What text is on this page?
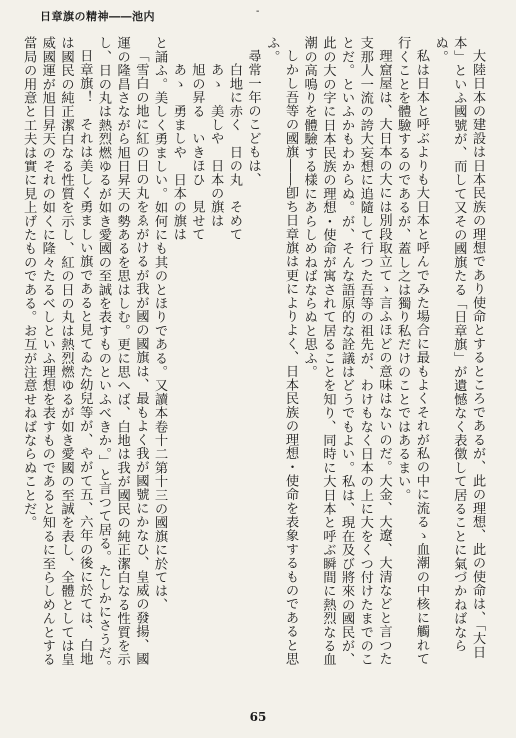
日章旗の精神――池内	-

大陸日本の建設は日本民族の理想であり使命とするところであるが、此の理想、此の使命は、「大日本」といふ國號が、而して又その國旗たる「日章旗」が遺憾なく表徴して居ることに氣づかねばならぬ。

私は日本と呼ぶよりも大日本と呼んでみた場合に最もよくそれが私の中に流るゝ血潮の中核に觸れて行くことを體驗するのであるが、蓋し之は獨り私だけのことではあるまい。

理窟屋は、大日本の大には別段取立てゝ言ふほどの意味はないのだ。大金、大遼、大清などと言つた支那人一流の誇大妄想に追隨して行つた吾等の祖先が、わけもなく日本の上に大をくつ付けたまでのことだ。といふかもわからぬ。が、そんな語原的な詮議はどうでもよい。私は、現在及び將來の國民が、此の大の字に日本民族の理想・使命が寓されて居ることを知り、同時に大日本と呼ぶ瞬間に熱烈なる血潮の高鳴りを體驗する樣にあらしめねばならぬと思ふ。

しかし吾等の國旗――卽ち日章旗は更によりよく、日本民族の理想・使命を表象するものであると思ふ。

尋常一年のこどもは、

白地に赤く　日の丸　そめて

あゝ　美しや　日本の旗は

旭の昇る　いきほひ　見せて

あゝ　勇ましや　日本の旗は

と誦ふ。美しく勇ましい。如何にも其のとほりである。又讀本卷十二第十三の國旗に於ては、

「雪白の地に紅の日の丸をゑがけるが我が國の國旗は、最もよく我が國號にかなひ、皇威の發揚、國運の隆昌さながら旭日昇天の勢あるを思はしむ。更に思へば、白地は我が國民の純正潔白なる性質を示し、日の丸は熱烈燃ゆるが如き愛國の至誠を表すものといふべきか。」と言つて居る。たしかにさうだ。

日章旗！　それは美しく勇ましい旗であると見てゐた幼兒等が、やがて五、六年の後に於ては、白地は國民の純正潔白なる性質を示し、紅の日の丸は熱烈燃ゆるが如き愛國の至誠を表し、全體としては皇威國運が旭日昇天のそれの如くに隆々たるべしといふ理想を表すものであると知るに至らしめんとする當局の用意と工夫は實に見上げたものである。お互が注意せねばならぬことだ。

65
